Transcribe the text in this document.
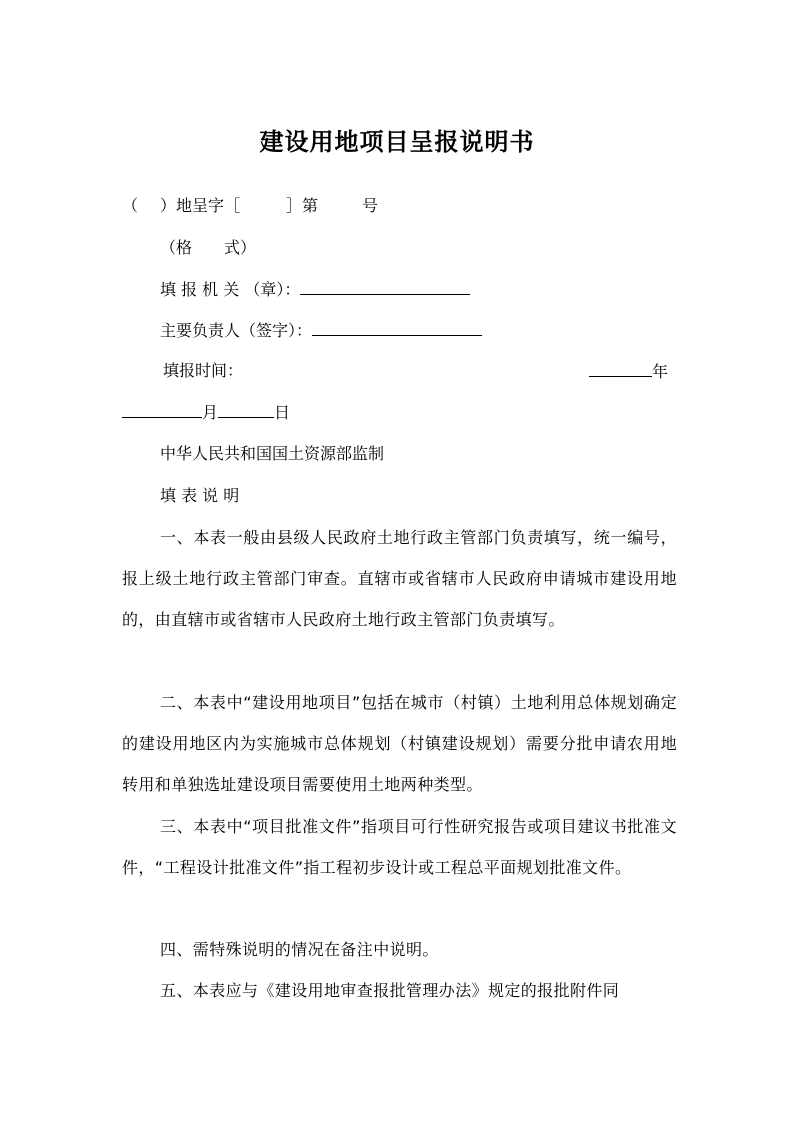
建设用地项目呈报说明书
（ ）地呈字［	］第	号
（格　　式）
填 报 机 关 （章）：
主要负责人（签字）：
填报时间：	年
月	日
中华人民共和国国土资源部监制
填 表 说 明
一、本表一般由县级人民政府土地行政主管部门负责填写，统一编号，报上级土地行政主管部门审查。直辖市或省辖市人民政府申请城市建设用地的，由直辖市或省辖市人民政府土地行政主管部门负责填写。
二、本表中“建设用地项目”包括在城市（村镇）土地利用总体规划确定的建设用地区内为实施城市总体规划（村镇建设规划）需要分批申请农用地转用和单独选址建设项目需要使用土地两种类型。
三、本表中“项目批准文件”指项目可行性研究报告或项目建议书批准文件，“工程设计批准文件”指工程初步设计或工程总平面规划批准文件。
四、需特殊说明的情况在备注中说明。
五、本表应与《建设用地审查报批管理办法》规定的报批附件同
